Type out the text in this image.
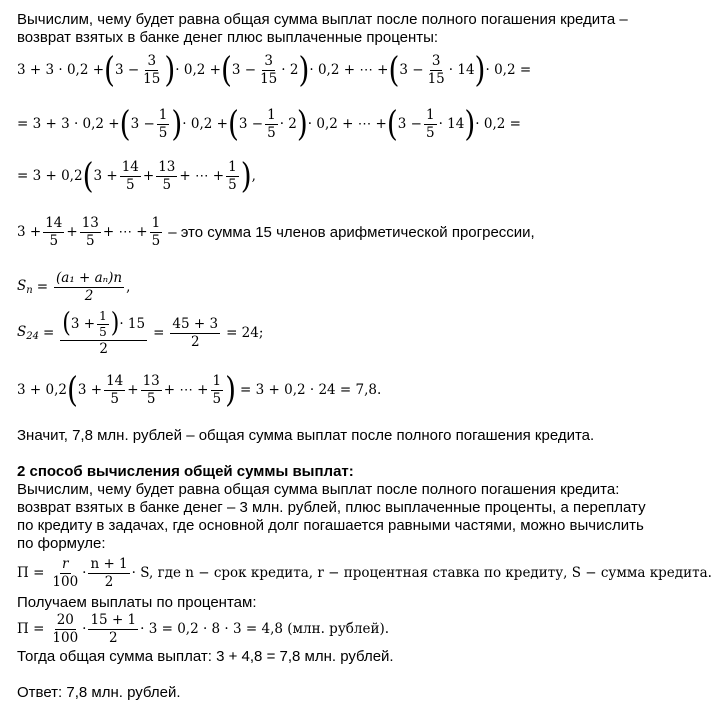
Вычислим, чему будет равна общая сумма выплат после полного погашения кредита –
возврат взятых в банке денег плюс выплаченные проценты:
3 + 3 · 0,2 + ( $3 - \frac{3}{15}$ ) · 0,2 + ( $3 - \frac{3}{15} \cdot 2$ ) · 0,2 + ⋯ + ( $3 - \frac{3}{15} \cdot 14$ ) · 0,2 =
= 3 + 3 · 0,2 + ( $3 - \frac{1}{5}$ ) · 0,2 + ( $3 - \frac{1}{5} \cdot 2$ ) · 0,2 + ⋯ + ( $3 - \frac{1}{5} \cdot 14$ ) · 0,2 =
= 3 + 0,2 ( $3 + \frac{14}{5} + \frac{13}{5}$ + ⋯ + $\frac{1}{5}$ ) ,
$3 + \frac{14}{5} + \frac{13}{5}$ + ⋯ + $\frac{1}{5}$ – это сумма 15 членов арифметической прогрессии,
$S_n = \frac{\text{(a₁ + aₙ)n}}{2}$ ,
$S_{24} = \frac{( 3 + \frac{1}{5} ) \cdot 15}{2} = \frac{45 + 3}{2} = 24$;
3 + 0,2 ( $3 + \frac{14}{5} + \frac{13}{5}$ + ⋯ + $\frac{1}{5}$ ) = 3 + 0,2 · 24 = 7,8.
Значит, 7,8 млн. рублей – общая сумма выплат после полного погашения кредита.
2 способ вычисления общей суммы выплат:
Вычислим, чему будет равна общая сумма выплат после полного погашения кредита:
возврат взятых в банке денег – 3 млн. рублей, плюс выплаченные проценты, а переплату
по кредиту в задачах, где основной долг погашается равными частями, можно вычислить
по формуле:
$П = \frac{r}{100} \cdot \frac{n + 1}{2} \cdot S$, где n − срок кредита, r − процентная ставка по кредиту, S − сумма кредита.
Получаем выплаты по процентам:
$П = \frac{20}{100} \cdot \frac{15 + 1}{2} \cdot 3 = 0,2 \cdot 8 \cdot 3 = 4,8$ (млн. рублей).
Тогда общая сумма выплат: 3 + 4,8 = 7,8 млн. рублей.
Ответ: 7,8 млн. рублей.
